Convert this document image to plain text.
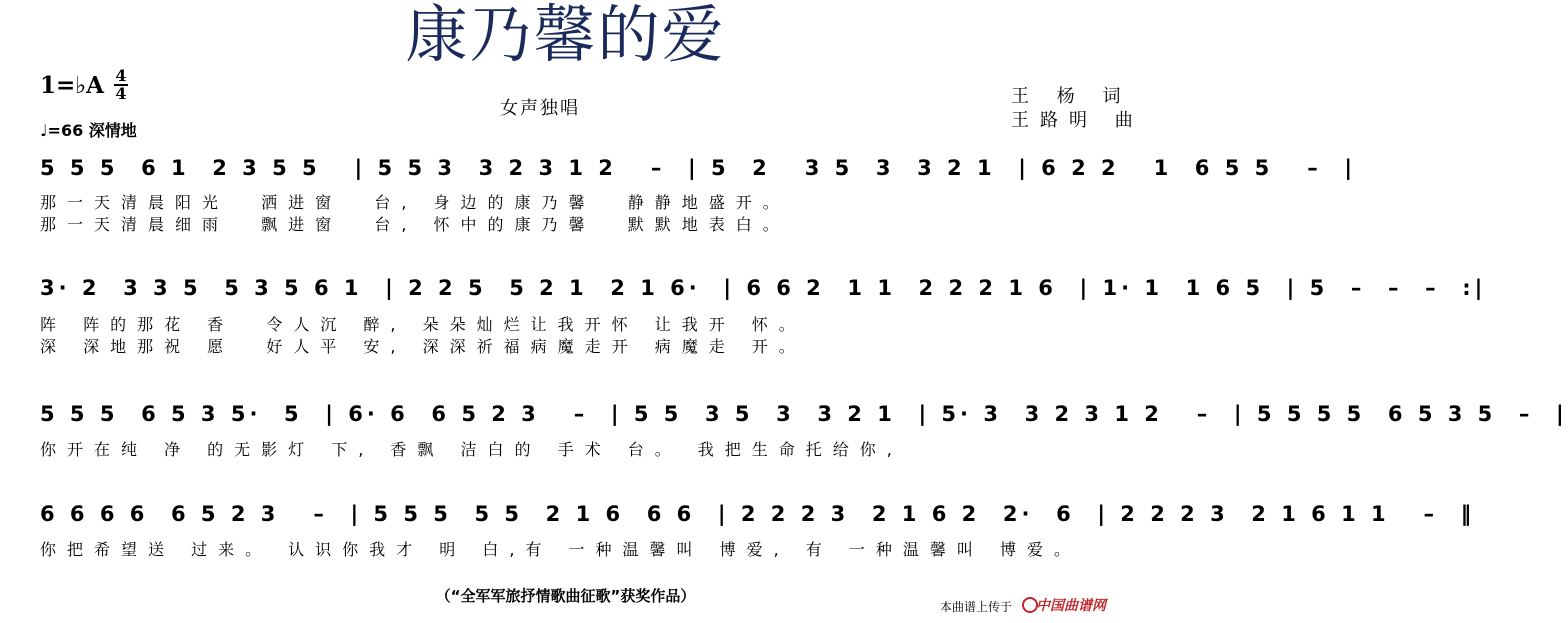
康乃馨的爱
女声独唱
1=♭A 4
4
♩=66 深情地
王 杨 词
王路明 曲
5 5 5  6 1  2 3 5 5   | 5 5 3  3 2 3 1 2   –  | 5  2   3 5  3  3 2 1  | 6 2 2   1  6 5 5   –  |
那一天清晨阳光  洒进窗  台, 身边的康乃馨  静静地盛开。
那一天清晨细雨  飘进窗  台, 怀中的康乃馨  默默地表白。
3· 2  3 3 5  5 3 5 6 1  | 2 2 5  5 2 1  2 1 6·  | 6 6 2  1 1  2 2 2 1 6  | 1· 1  1 6 5  | 5  –  –  –  :|
阵 阵的那花 香  令人沉 醉, 朵朵灿烂让我开怀 让我开 怀。
深 深地那祝 愿  好人平 安, 深深祈福病魔走开 病魔走 开。
5 5 5  6 5 3 5·  5  | 6· 6  6 5 2 3   –  | 5 5  3 5  3  3 2 1  | 5· 3  3 2 3 1 2   –  | 5 5 5 5  6 5 3 5  –  |
你开在纯 净 的无影灯 下, 香飘 洁白的 手术 台。 我把生命托给你,
6 6 6 6  6 5 2 3   –  | 5 5 5  5 5  2 1 6  6 6  | 2 2 2 3  2 1 6 2  2·  6  | 2 2 2 3  2 1 6 1 1   –  ‖
你把希望送 过来。 认识你我才 明 白,有 一种温馨叫 博爱, 有 一种温馨叫 博爱。
（“全军军旅抒情歌曲征歌”获奖作品）
本曲谱上传于 中国曲谱网
